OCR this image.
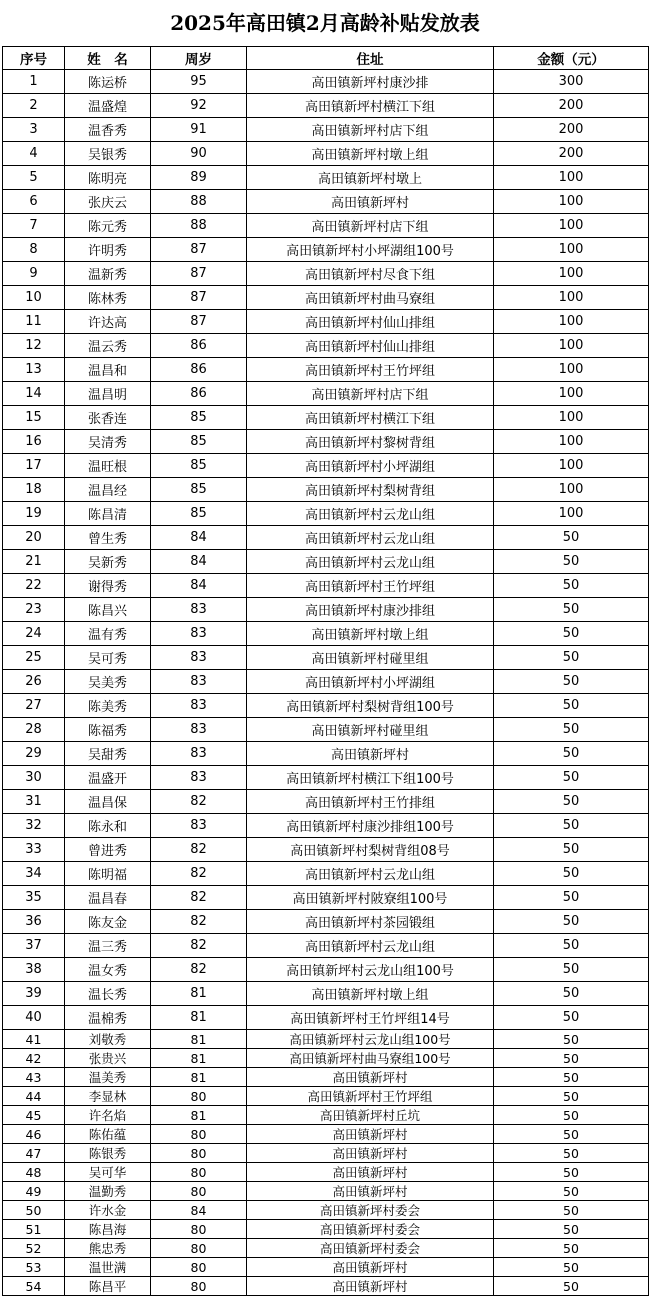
2025年高田镇2月高龄补贴发放表
序号	姓　名	周岁	住址	金额（元）
1	陈运桥	95	高田镇新坪村康沙排	300
2	温盛煌	92	高田镇新坪村横江下组	200
3	温香秀	91	高田镇新坪村店下组	200
4	吴银秀	90	高田镇新坪村墩上组	200
5	陈明亮	89	高田镇新坪村墩上	100
6	张庆云	88	高田镇新坪村	100
7	陈元秀	88	高田镇新坪村店下组	100
8	许明秀	87	高田镇新坪村小坪湖组100号	100
9	温新秀	87	高田镇新坪村尽食下组	100
10	陈林秀	87	高田镇新坪村曲马寮组	100
11	许达高	87	高田镇新坪村仙山排组	100
12	温云秀	86	高田镇新坪村仙山排组	100
13	温昌和	86	高田镇新坪村王竹坪组	100
14	温昌明	86	高田镇新坪村店下组	100
15	张香连	85	高田镇新坪村横江下组	100
16	吴清秀	85	高田镇新坪村黎树背组	100
17	温旺根	85	高田镇新坪村小坪湖组	100
18	温昌经	85	高田镇新坪村梨树背组	100
19	陈昌清	85	高田镇新坪村云龙山组	100
20	曾生秀	84	高田镇新坪村云龙山组	50
21	吴新秀	84	高田镇新坪村云龙山组	50
22	谢得秀	84	高田镇新坪村王竹坪组	50
23	陈昌兴	83	高田镇新坪村康沙排组	50
24	温有秀	83	高田镇新坪村墩上组	50
25	吴可秀	83	高田镇新坪村碰里组	50
26	吴美秀	83	高田镇新坪村小坪湖组	50
27	陈美秀	83	高田镇新坪村梨树背组100号	50
28	陈福秀	83	高田镇新坪村碰里组	50
29	吴甜秀	83	高田镇新坪村	50
30	温盛开	83	高田镇新坪村横江下组100号	50
31	温昌保	82	高田镇新坪村王竹排组	50
32	陈永和	83	高田镇新坪村康沙排组100号	50
33	曾进秀	82	高田镇新坪村梨树背组08号	50
34	陈明福	82	高田镇新坪村云龙山组	50
35	温昌春	82	高田镇新坪村陂寮组100号	50
36	陈友金	82	高田镇新坪村茶园锻组	50
37	温三秀	82	高田镇新坪村云龙山组	50
38	温女秀	82	高田镇新坪村云龙山组100号	50
39	温长秀	81	高田镇新坪村墩上组	50
40	温棉秀	81	高田镇新坪村王竹坪组14号	50
41	刘敬秀	81	高田镇新坪村云龙山组100号	50
42	张贵兴	81	高田镇新坪村曲马寮组100号	50
43	温美秀	81	高田镇新坪村	50
44	李显林	80	高田镇新坪村王竹坪组	50
45	许名焰	81	高田镇新坪村丘坑	50
46	陈佑蕴	80	高田镇新坪村	50
47	陈银秀	80	高田镇新坪村	50
48	吴可华	80	高田镇新坪村	50
49	温勤秀	80	高田镇新坪村	50
50	许水金	84	高田镇新坪村委会	50
51	陈昌海	80	高田镇新坪村委会	50
52	熊忠秀	80	高田镇新坪村委会	50
53	温世满	80	高田镇新坪村	50
54	陈昌平	80	高田镇新坪村	50
